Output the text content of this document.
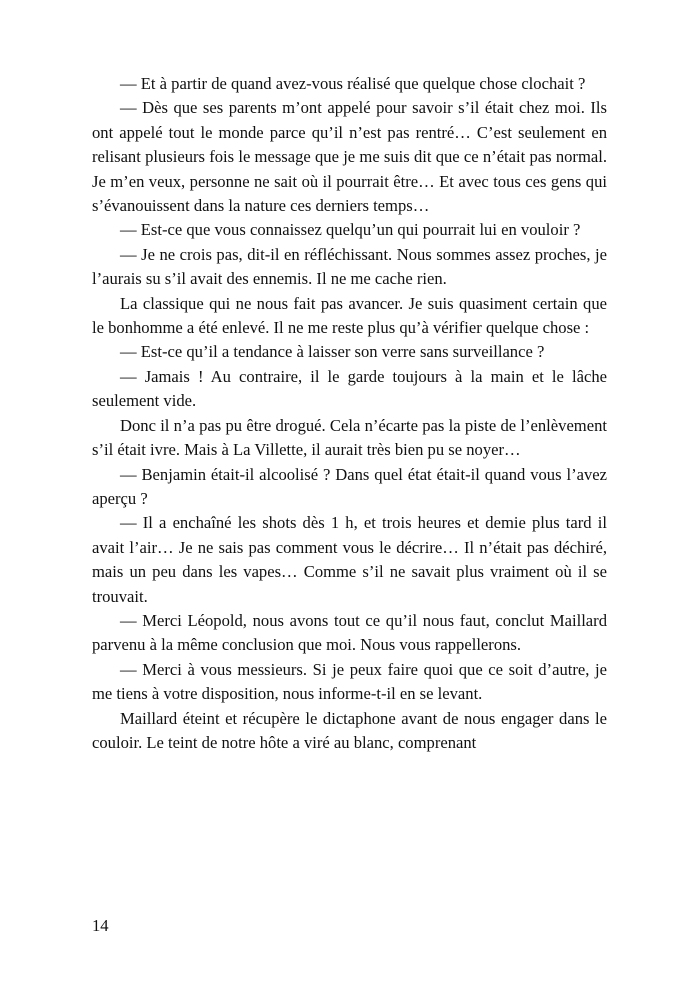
— Et à partir de quand avez-vous réalisé que quelque chose clochait ?

— Dès que ses parents m’ont appelé pour savoir s’il était chez moi. Ils ont appelé tout le monde parce qu’il n’est pas rentré… C’est seulement en relisant plusieurs fois le message que je me suis dit que ce n’était pas normal. Je m’en veux, personne ne sait où il pourrait être… Et avec tous ces gens qui s’évanouissent dans la nature ces derniers temps…

— Est-ce que vous connaissez quelqu’un qui pourrait lui en vouloir ?

— Je ne crois pas, dit-il en réfléchissant. Nous sommes assez proches, je l’aurais su s’il avait des ennemis. Il ne me cache rien.

La classique qui ne nous fait pas avancer. Je suis quasiment certain que le bonhomme a été enlevé. Il ne me reste plus qu’à vérifier quelque chose :

— Est-ce qu’il a tendance à laisser son verre sans surveillance ?

— Jamais ! Au contraire, il le garde toujours à la main et le lâche seulement vide.

Donc il n’a pas pu être drogué. Cela n’écarte pas la piste de l’enlèvement s’il était ivre. Mais à La Villette, il aurait très bien pu se noyer…

— Benjamin était-il alcoolisé ? Dans quel état était-il quand vous l’avez aperçu ?

— Il a enchaîné les shots dès 1 h, et trois heures et demie plus tard il avait l’air… Je ne sais pas comment vous le décrire… Il n’était pas déchiré, mais un peu dans les vapes… Comme s’il ne savait plus vraiment où il se trouvait.

— Merci Léopold, nous avons tout ce qu’il nous faut, conclut Maillard parvenu à la même conclusion que moi. Nous vous rappellerons.

— Merci à vous messieurs. Si je peux faire quoi que ce soit d’autre, je me tiens à votre disposition, nous informe-t-il en se levant.

Maillard éteint et récupère le dictaphone avant de nous engager dans le couloir. Le teint de notre hôte a viré au blanc, comprenant

14
